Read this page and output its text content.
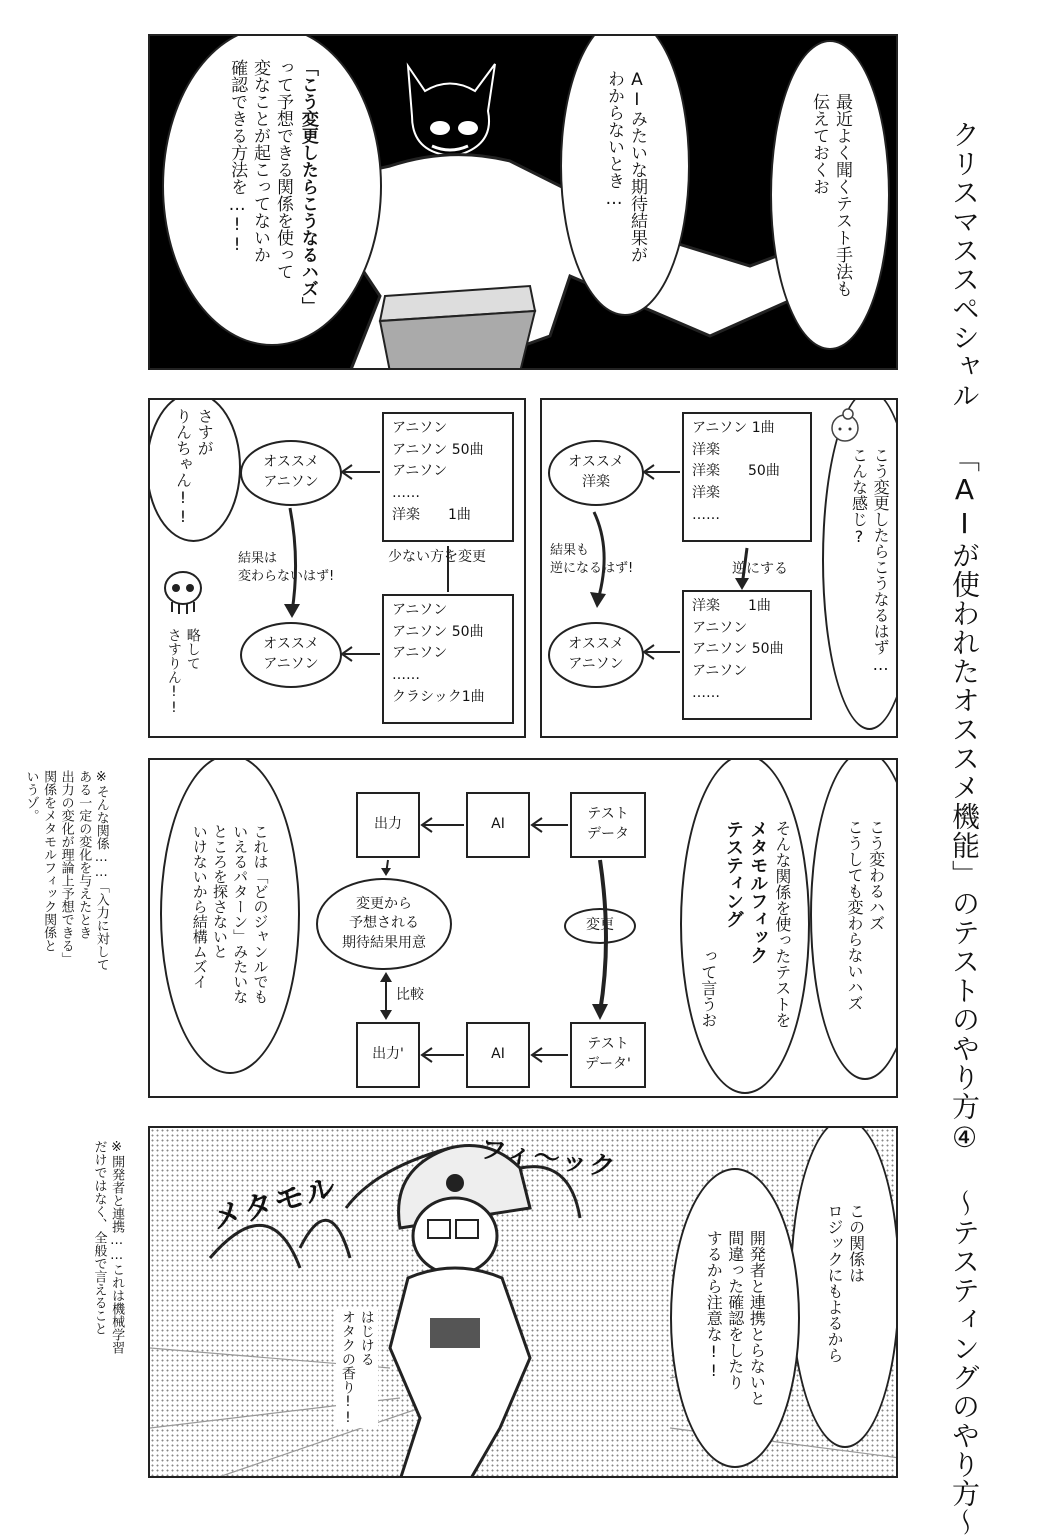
クリスマススペシャル 「AIが使われたオススメ機能」のテストのやり方④ ～テスティングのやり方～
最近よく聞くテスト手法も
伝えておくお
AIみたいな期待結果が
わからないとき…
「こう変更したらこうなるハズ」
って予想できる関係を使って
変なことが起こってないか
確認できる方法を…!!
こう変更したらこうなるはず…
こんな感じ?
アニソン 1曲
洋楽
洋楽　　50曲
洋楽
……
オススメ
洋楽
逆にする
結果も
逆になるはず!
洋楽　　1曲
アニソン
アニソン 50曲
アニソン
……
オススメ
アニソン
さすが
りんちゃん!!	アニソン
アニソン 50曲
アニソン
……
洋楽　　1曲
オススメ
アニソン
少ない方を変更
結果は
変わらないはず!
アニソン
アニソン 50曲
アニソン
……
クラシック1曲
オススメ
アニソン
略して
さすりん!!
こう変わるハズ
こうしても変わらないハズ
そんな関係を使ったテストを
メタモルフィック
テスティング
って言うお
これは「どのジャンルでも
いえるパターン」みたいな
ところを探さないと
いけないから結構ムズイ
テスト
データ
AI
出力
変更から
予想される
期待結果用意
変更
比較
テスト
データ'
AI
出力'
※そんな関係……「入力に対して
ある一定の変化を与えたとき
出力の変化が理論上予想できる」
関係をメタモルフィック関係と
いうゾ。
この関係は
ロジックにもよるから
開発者と連携とらないと
間違った確認をしたり
するから注意な!!
メタモル
フィ～ック
はじける
オタクの香り!!
※開発者と連携……これは機械学習
だけではなく、全般で言えること
